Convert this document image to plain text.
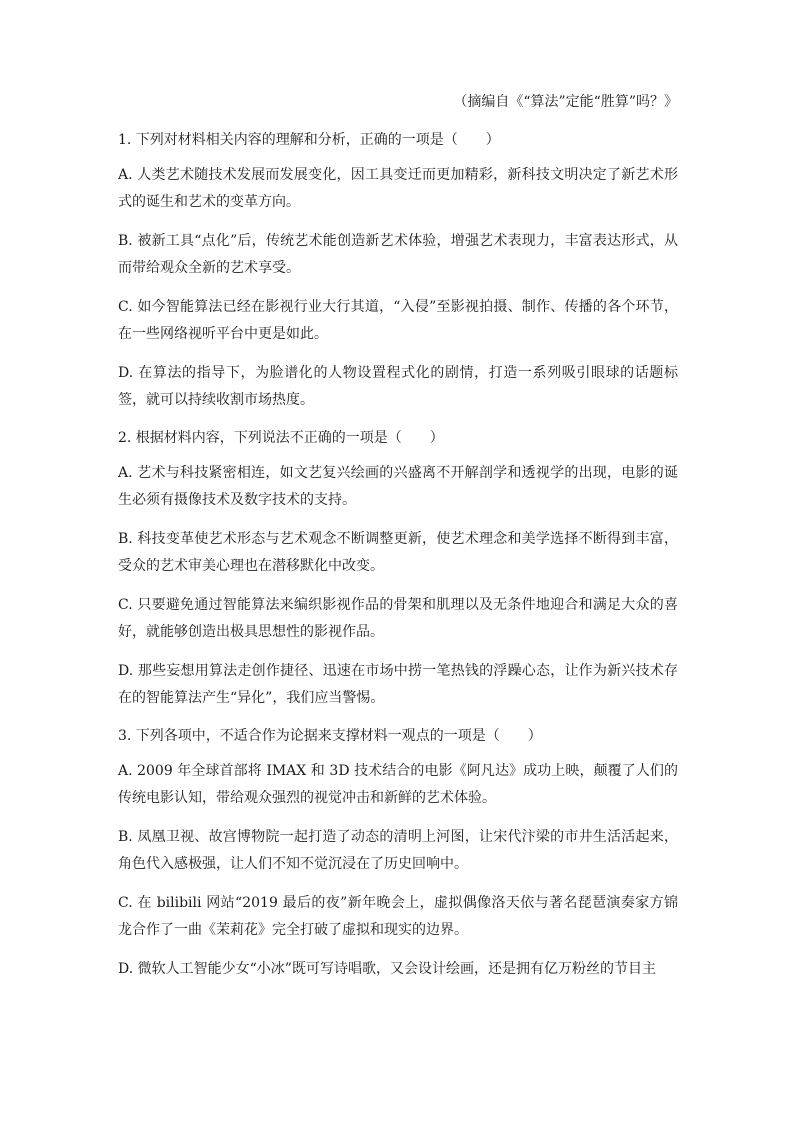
（摘编自《“算法”定能“胜算”吗？》

1. 下列对材料相关内容的理解和分析，正确的一项是（　　）

A. 人类艺术随技术发展而发展变化，因工具变迁而更加精彩，新科技文明决定了新艺术形式的诞生和艺术的变革方向。

B. 被新工具“点化”后，传统艺术能创造新艺术体验，增强艺术表现力，丰富表达形式，从而带给观众全新的艺术享受。

C. 如今智能算法已经在影视行业大行其道，“入侵”至影视拍摄、制作、传播的各个环节，在一些网络视听平台中更是如此。

D. 在算法的指导下，为脸谱化的人物设置程式化的剧情，打造一系列吸引眼球的话题标签，就可以持续收割市场热度。

2. 根据材料内容，下列说法不正确的一项是（　　）

A. 艺术与科技紧密相连，如文艺复兴绘画的兴盛离不开解剖学和透视学的出现，电影的诞生必须有摄像技术及数字技术的支持。

B. 科技变革使艺术形态与艺术观念不断调整更新，使艺术理念和美学选择不断得到丰富，受众的艺术审美心理也在潜移默化中改变。

C. 只要避免通过智能算法来编织影视作品的骨架和肌理以及无条件地迎合和满足大众的喜好，就能够创造出极具思想性的影视作品。

D. 那些妄想用算法走创作捷径、迅速在市场中捞一笔热钱的浮躁心态，让作为新兴技术存在的智能算法产生“异化”，我们应当警惕。

3. 下列各项中，不适合作为论据来支撑材料一观点的一项是（　　）

A. 2009 年全球首部将 IMAX 和 3D 技术结合的电影《阿凡达》成功上映，颠覆了人们的传统电影认知，带给观众强烈的视觉冲击和新鲜的艺术体验。

B. 凤凰卫视、故宫博物院一起打造了动态的清明上河图，让宋代汴梁的市井生活活起来，角色代入感极强，让人们不知不觉沉浸在了历史回响中。

C. 在 bilibili 网站“2019 最后的夜”新年晚会上，虚拟偶像洛天依与著名琵琶演奏家方锦龙合作了一曲《茉莉花》完全打破了虚拟和现实的边界。

D. 微软人工智能少女“小冰”既可写诗唱歌，又会设计绘画，还是拥有亿万粉丝的节目主
